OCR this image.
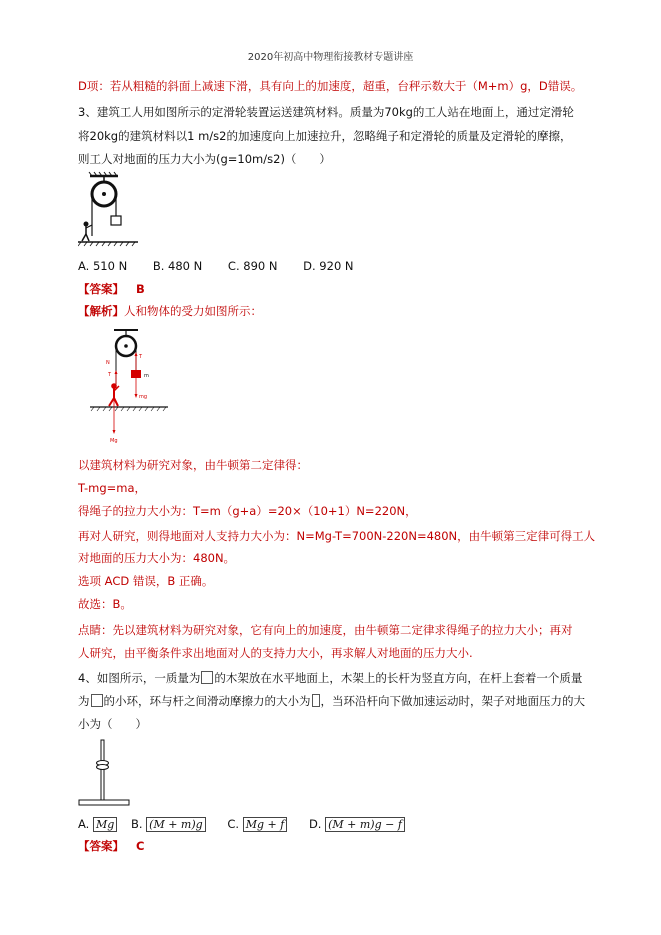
2020年初高中物理衔接教材专题讲座
D项：若从粗糙的斜面上减速下滑，具有向上的加速度，超重，台秤示数大于（M+m）g，D错误。
3、建筑工人用如图所示的定滑轮装置运送建筑材料。质量为70kg的工人站在地面上，通过定滑轮
将20kg的建筑材料以1 m/s2的加速度向上加速拉升，忽略绳子和定滑轮的质量及定滑轮的摩擦，
则工人对地面的压力大小为(g=10m/s2)（　　）
A. 510 N B. 480 N C. 890 N D. 920 N
【答案】 B
【解析】人和物体的受力如图所示：
m
T
mg
N
T
Mg
以建筑材料为研究对象，由牛顿第二定律得：
T-mg=ma，
得绳子的拉力大小为：T=m（g+a）=20×（10+1）N=220N，
再对人研究，则得地面对人支持力大小为：N=Mg-T=700N-220N=480N，由牛顿第三定律可得工人
对地面的压力大小为：480N。
选项 ACD 错误，B 正确。
故选：B。
点睛：先以建筑材料为研究对象，它有向上的加速度，由牛顿第二定律求得绳子的拉力大小；再对
人研究，由平衡条件求出地面对人的支持力大小，再求解人对地面的压力大小.
4、如图所示，一质量为 的木架放在水平地面上，木架上的长杆为竖直方向，在杆上套着一个质量
为 的小环，环与杆之间滑动摩擦力的大小为 ，当环沿杆向下做加速运动时，架子对地面压力的大
小为（　　）
A. Mg B. (M + m)g C. Mg + f D. (M + m)g − f
【答案】 C
